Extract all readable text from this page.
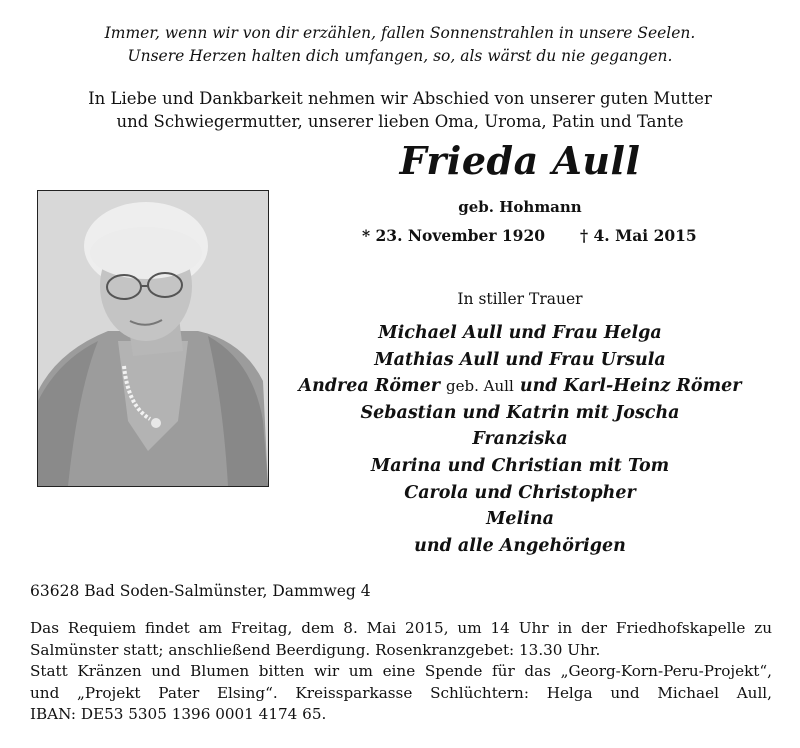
Immer, wenn wir von dir erzählen, fallen Sonnenstrahlen in unsere Seelen.
Unsere Herzen halten dich umfangen, so, als wärst du nie gegangen.
In Liebe und Dankbarkeit nehmen wir Abschied von unserer guten Mutter
und Schwiegermutter, unserer lieben Oma, Uroma, Patin und Tante
Frieda Aull
geb. Hohmann
* 23. November 1920 † 4. Mai 2015
In stiller Trauer
Michael Aull und Frau Helga
Mathias Aull und Frau Ursula
Andrea Römer geb. Aull und Karl-Heinz Römer
Sebastian und Katrin mit Joscha
Franziska
Marina und Christian mit Tom
Carola und Christopher
Melina
und alle Angehörigen
63628 Bad Soden-Salmünster, Dammweg 4

Das Requiem findet am Freitag, dem 8. Mai 2015, um 14 Uhr in der Friedhofskapelle zu

Salmünster statt; anschließend Beerdigung. Rosenkranzgebet: 13.30 Uhr.

Statt Kränzen und Blumen bitten wir um eine Spende für das „Georg-Korn-Peru-Projekt“,

und „Projekt Pater Elsing“. Kreissparkasse Schlüchtern: Helga und Michael Aull,

IBAN: DE53 5305 1396 0001 4174 65.
